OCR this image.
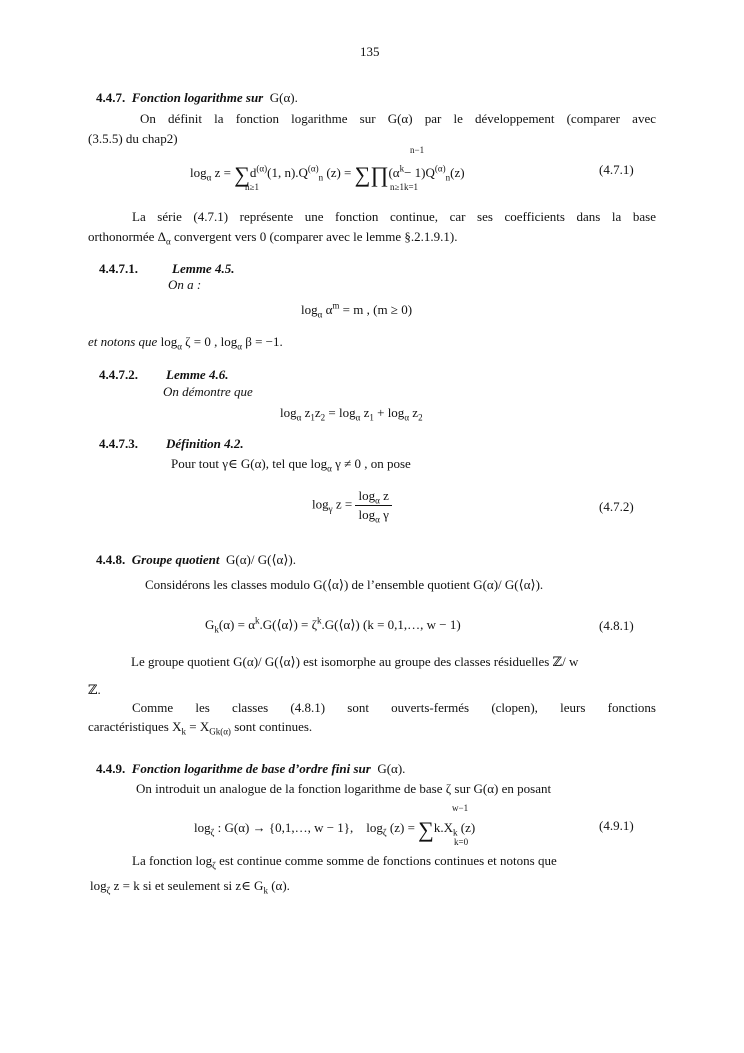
135
4.4.7. Fonction logarithme sur G(α).
On définit la fonction logarithme sur G(α) par le développement (comparer avec
(3.5.5) du chap2)
$\log_\alpha z = \sum d^{(\alpha)}(1$, $n).Q^{(\alpha)}_n$ $(z) = \sum\prod(\alpha^k- 1)Q^{(\alpha)}_n(z)$
n≥1	n≥1k=1
n−1
(4.7.1)
La série (4.7.1) représente une fonction continue, car ses coefficients dans la base
orthonormée $\Delta_\alpha$ convergent vers 0 (comparer avec le lemme §.2.1.9.1).
4.4.7.1.	Lemme 4.5.
On a :
$\log_\alpha \alpha^m = m$ , (m ≥ 0)
et notons que $\log_\alpha \zeta = 0$ , $\log_\alpha \beta = -1$.
4.4.7.2. Lemme 4.6.
On démontre que
$\log_\alpha z_1z_2 = \log_\alpha z_1 + \log_\alpha z_2$
4.4.7.3. Définition 4.2.
Pour tout γ∈ G(α), tel que $\log_\alpha \gamma \ne 0$ , on pose
$\log_\gamma z = \frac{\log_\alpha z}{\log_\alpha \gamma}$	(4.7.2)
4.4.8. Groupe quotient G(α)/ G(⟨α⟩).
Considérons les classes modulo G(⟨α⟩) de l’ensemble quotient G(α)/ G(⟨α⟩).
$G_k(\alpha)$ = $\alpha^k.G(⟨\alpha⟩)$ = $\zeta^k.G(⟨\alpha⟩) (k$ = 0,1,…, w − 1)	(4.8.1)
Le groupe quotient G(α)/ G(⟨α⟩) est isomorphe au groupe des classes résiduelles ℤ/ w
ℤ.
Comme les classes (4.8.1) sont ouverts-fermés (clopen), leurs fonctions
caractéristiques $X_k = X_{Gk(\alpha)}$ sont continues.
4.4.9. Fonction logarithme de base d’ordre fini sur G(α).
On introduit un analogue de la fonction logarithme de base ζ sur G(α) en posant
$\log_\zeta$ : G(α) → {0,1,…, w − 1}, $\log_\zeta (z) = \sum k.X_k$ (z)
w−1
k=0
(4.9.1)
La fonction $\log_\zeta$ est continue comme somme de fonctions continues et notons que
$\log_\zeta z = k$ si et seulement si z∈ $G_k$ (α).
